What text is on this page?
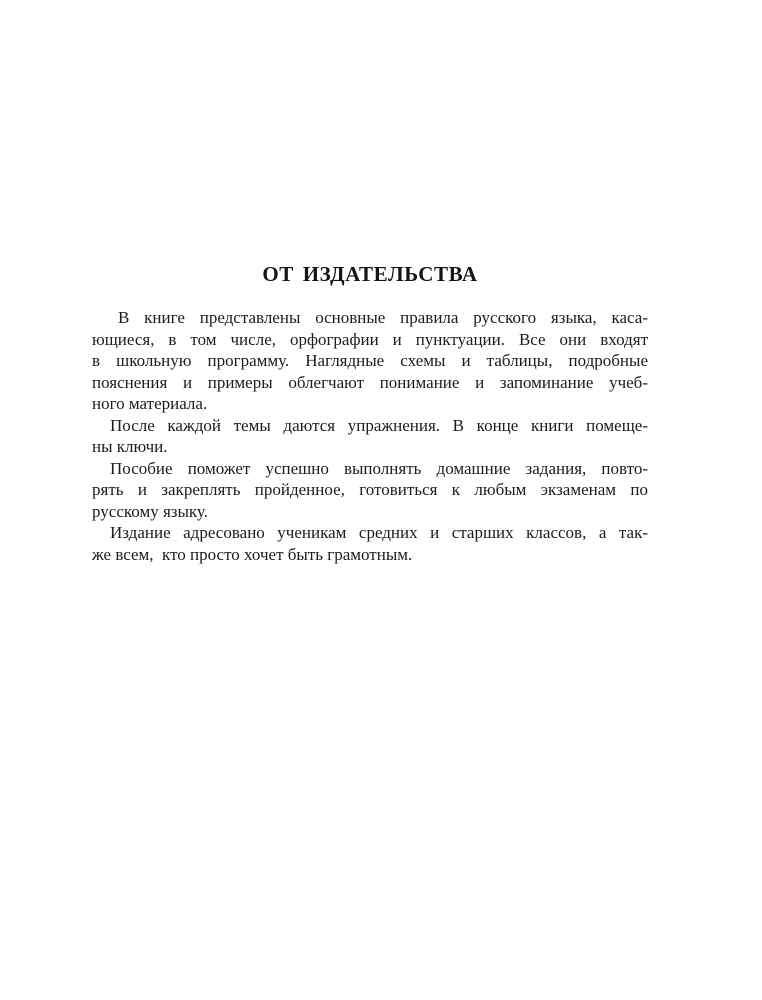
ОТ ИЗДАТЕЛЬСТВА
В книге представлены основные правила русского языка, каса-
ющиеся, в том числе, орфографии и пунктуации. Все они входят
в школьную программу. Наглядные схемы и таблицы, подробные
пояснения и примеры облегчают понимание и запоминание учеб-
ного материала.
После каждой темы даются упражнения. В конце книги помеще-
ны ключи.
Пособие поможет успешно выполнять домашние задания, повто-
рять и закреплять пройденное, готовиться к любым экзаменам по
русскому языку.
Издание адресовано ученикам средних и старших классов, а так-
же всем,  кто просто хочет быть грамотным.
